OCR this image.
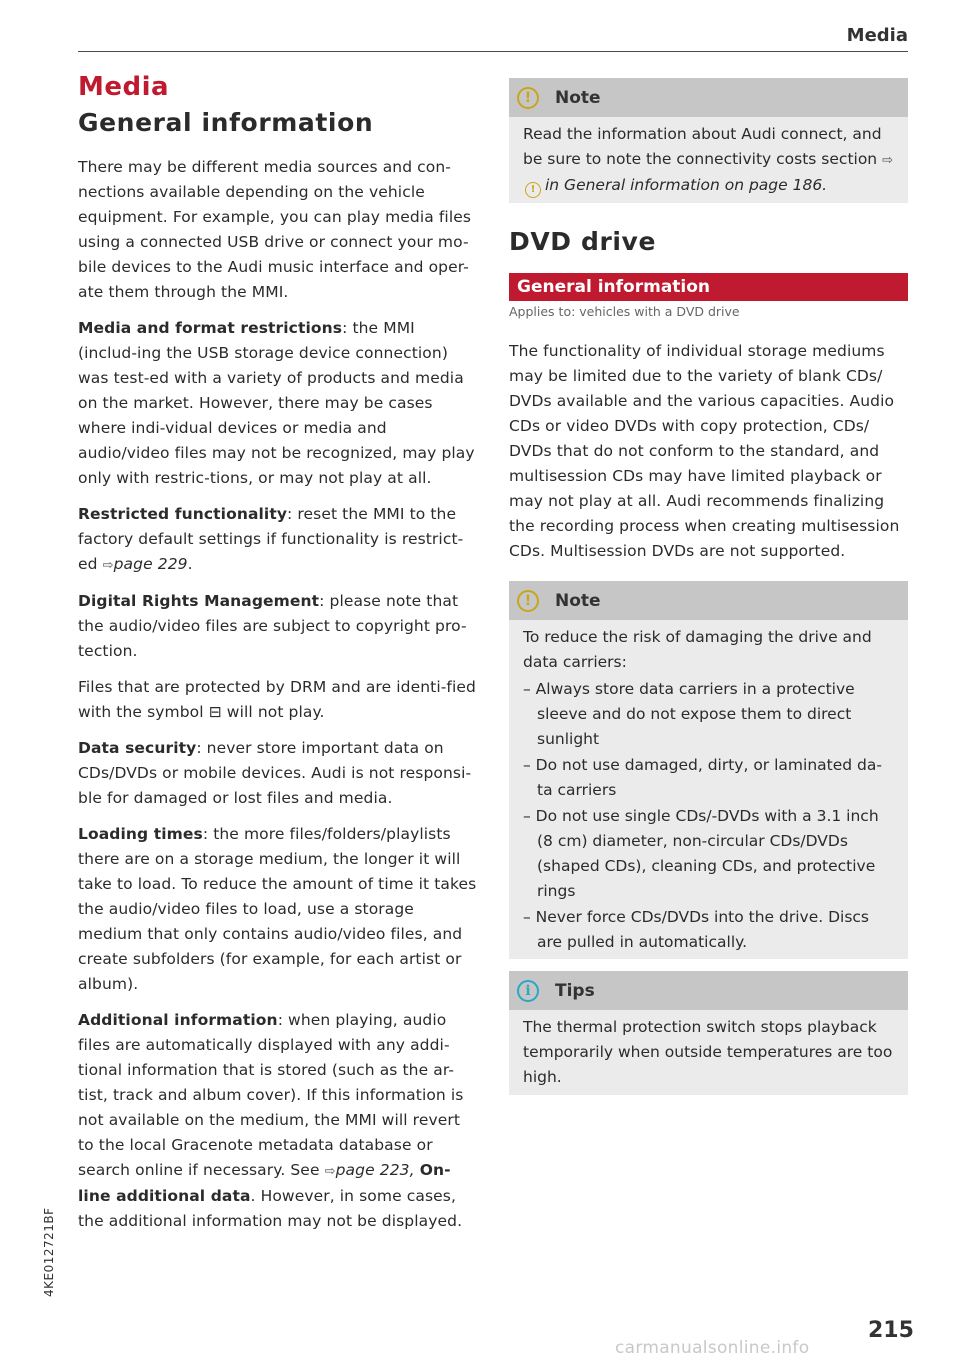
Media
Media
General information

There may be different media sources and con-nections available depending on the vehicle equipment. For example, you can play media files using a connected USB drive or connect your mo-bile devices to the Audi music interface and oper-ate them through the MMI.

Media and format restrictions: the MMI (includ-ing the USB storage device connection) was test-ed with a variety of products and media on the market. However, there may be cases where indi-vidual devices or media and audio/video files may not be recognized, may play only with restric-tions, or may not play at all.

Restricted functionality: reset the MMI to the factory default settings if functionality is restrict-ed ⇨page 229.

Digital Rights Management: please note that the audio/video files are subject to copyright pro-tection.

Files that are protected by DRM and are identi-fied with the symbol ⊟ will not play.

Data security: never store important data on CDs/DVDs or mobile devices. Audi is not responsi-ble for damaged or lost files and media.

Loading times: the more files/folders/playlists there are on a storage medium, the longer it will take to load. To reduce the amount of time it takes the audio/video files to load, use a storage medium that only contains audio/video files, and create subfolders (for example, for each artist or album).

Additional information: when playing, audio files are automatically displayed with any addi-tional information that is stored (such as the ar-tist, track and album cover). If this information is not available on the medium, the MMI will revert to the local Gracenote metadata database or search online if necessary. See ⇨page 223, On-line additional data. However, in some cases, the additional information may not be displayed.

!	Note

Read the information about Audi connect, and be sure to note the connectivity costs section ⇨! in General information on page 186.

DVD drive
General information
Applies to: vehicles with a DVD drive

The functionality of individual storage mediums may be limited due to the variety of blank CDs/ DVDs available and the various capacities. Audio CDs or video DVDs with copy protection, CDs/ DVDs that do not conform to the standard, and multisession CDs may have limited playback or may not play at all. Audi recommends finalizing the recording process when creating multisession CDs. Multisession DVDs are not supported.

!	Note

To reduce the risk of damaging the drive and data carriers:

– Always store data carriers in a protective sleeve and do not expose them to direct sunlight
– Do not use damaged, dirty, or laminated da-ta carriers
– Do not use single CDs/-DVDs with a 3.1 inch (8 cm) diameter, non-circular CDs/DVDs (shaped CDs), cleaning CDs, and protective rings
– Never force CDs/DVDs into the drive. Discs are pulled in automatically.
i	Tips

The thermal protection switch stops playback temporarily when outside temperatures are too high.

4KE012721BF
215
carmanualsonline.info
